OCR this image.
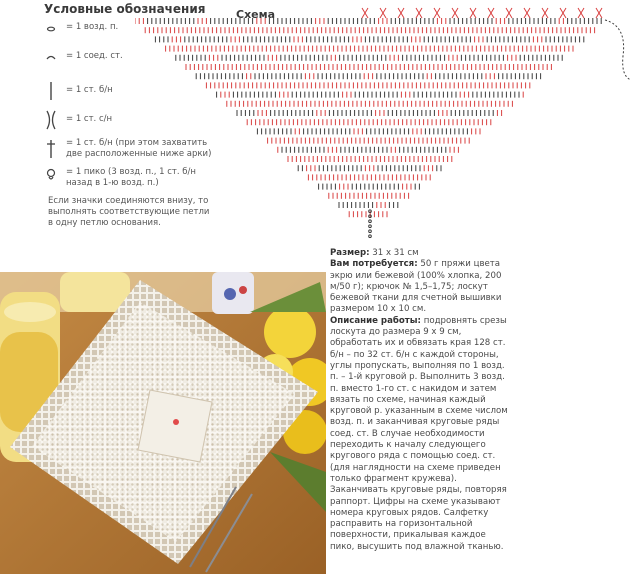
Условные обозначения
= 1 возд. п.
= 1 соед. ст.
= 1 ст. б/н
= 1 ст. с/н
= 1 ст. б/н (при этом захватить две расположенные ниже арки)
= 1 пико (3 возд. п., 1 ст. б/н назад в 1-ю возд. п.)
Если значки соединяются внизу, то выполнять соответствующие петли в одну петлю основания.
Схема

Размер: 31 x 31 см

Вам потребуется: 50 г пряжи цвета экрю или бежевой (100% хлопка, 200 м/50 г); крючок № 1,5–1,75; лоскут бежевой ткани для счетной вышивки размером 10 x 10 см.

Описание работы: подровнять срезы лоскута до размера 9 x 9 см, обработать их и обвязать края 128 ст. б/н – по 32 ст. б/н с каждой стороны, углы пропускать, выполняя по 1 возд. п. – 1-й круговой р. Выполнить 3 возд. п. вместо 1-го ст. с накидом и затем вязать по схеме, начиная каждый круговой р. указанным в схеме числом возд. п. и заканчивая круговые ряды соед. ст. В случае необходимости переходить к началу следующего кругового ряда с помощью соед. ст. (для наглядности на схеме приведен только фрагмент кружева). Заканчивать круговые ряды, повторяя раппорт. Цифры на схеме указывают номера круговых рядов. Салфетку расправить на горизонтальной поверхности, прикалывая каждое пико, высушить под влажной тканью.
